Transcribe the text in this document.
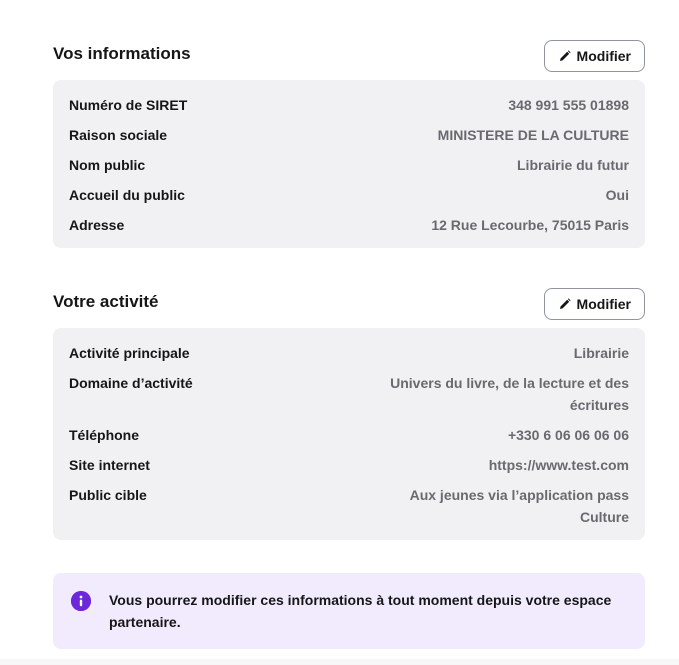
Vos informations	Modifier
Numéro de SIRET	348 991 555 01898
Raison sociale	MINISTERE DE LA CULTURE
Nom public	Librairie du futur
Accueil du public	Oui
Adresse	12 Rue Lecourbe, 75015 Paris
Votre activité	Modifier
Activité principale	Librairie
Domaine d’activité	Univers du livre, de la lecture et des écritures
Téléphone	+330 6 06 06 06 06
Site internet	https://www.test.com
Public cible	Aux jeunes via l’application pass Culture

Vous pourrez modifier ces informations à tout moment depuis votre espace partenaire.
